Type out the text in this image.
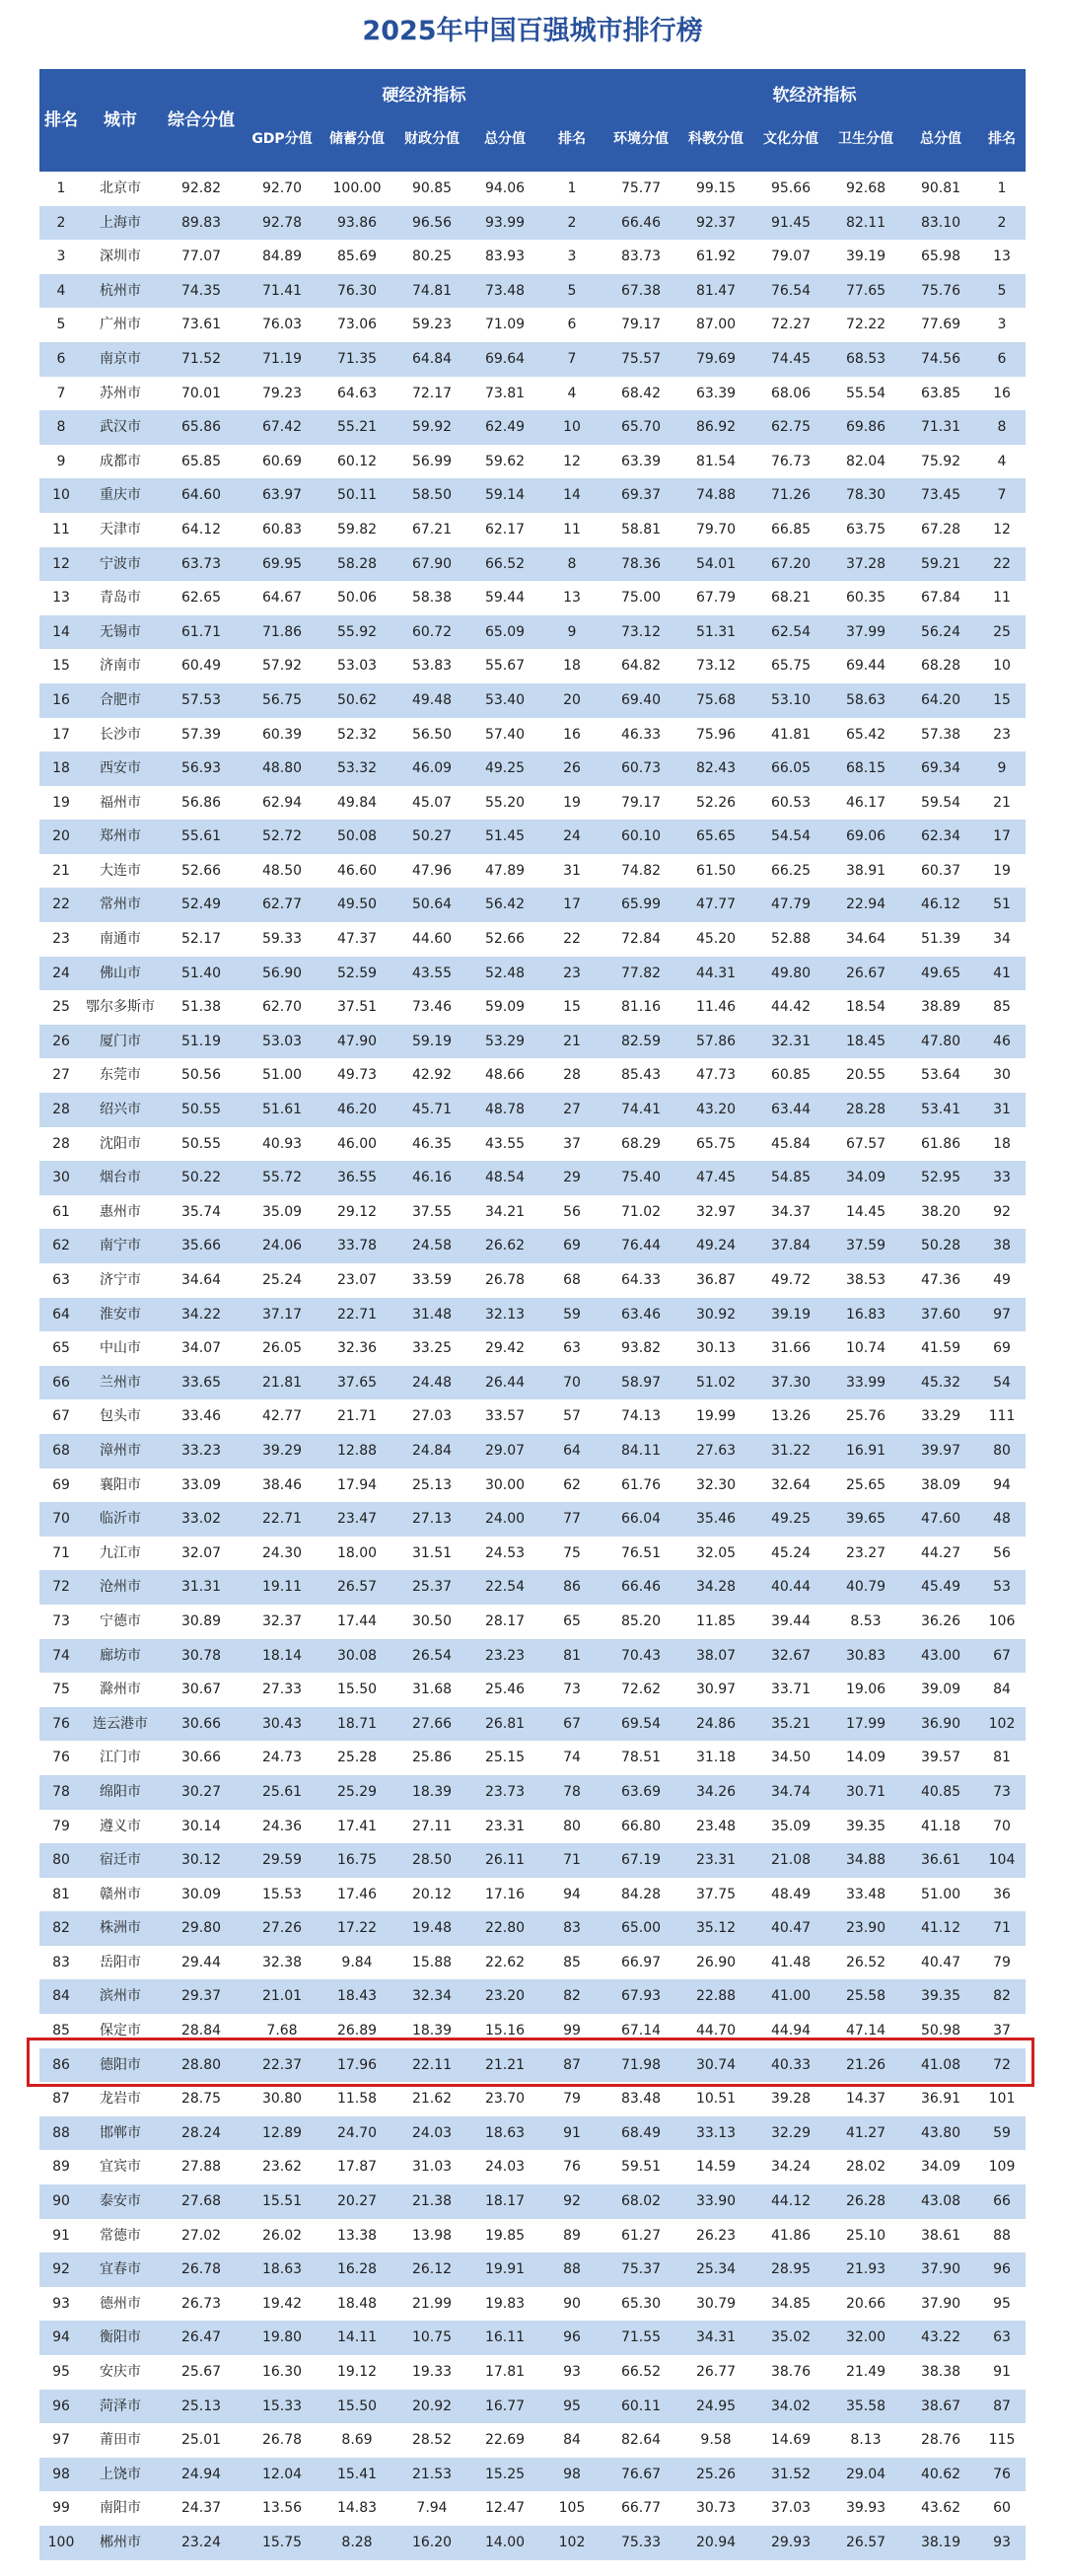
2025年中国百强城市排行榜
排名	城市	综合分值
硬经济指标	软经济指标
GDP分值	储蓄分值	财政分值	总分值	排名	环境分值	科教分值	文化分值	卫生分值	总分值	排名
1	北京市	92.82	92.70	100.00	90.85	94.06	1	75.77	99.15	95.66	92.68	90.81	1
2	上海市	89.83	92.78	93.86	96.56	93.99	2	66.46	92.37	91.45	82.11	83.10	2
3	深圳市	77.07	84.89	85.69	80.25	83.93	3	83.73	61.92	79.07	39.19	65.98	13
4	杭州市	74.35	71.41	76.30	74.81	73.48	5	67.38	81.47	76.54	77.65	75.76	5
5	广州市	73.61	76.03	73.06	59.23	71.09	6	79.17	87.00	72.27	72.22	77.69	3
6	南京市	71.52	71.19	71.35	64.84	69.64	7	75.57	79.69	74.45	68.53	74.56	6
7	苏州市	70.01	79.23	64.63	72.17	73.81	4	68.42	63.39	68.06	55.54	63.85	16
8	武汉市	65.86	67.42	55.21	59.92	62.49	10	65.70	86.92	62.75	69.86	71.31	8
9	成都市	65.85	60.69	60.12	56.99	59.62	12	63.39	81.54	76.73	82.04	75.92	4
10	重庆市	64.60	63.97	50.11	58.50	59.14	14	69.37	74.88	71.26	78.30	73.45	7
11	天津市	64.12	60.83	59.82	67.21	62.17	11	58.81	79.70	66.85	63.75	67.28	12
12	宁波市	63.73	69.95	58.28	67.90	66.52	8	78.36	54.01	67.20	37.28	59.21	22
13	青岛市	62.65	64.67	50.06	58.38	59.44	13	75.00	67.79	68.21	60.35	67.84	11
14	无锡市	61.71	71.86	55.92	60.72	65.09	9	73.12	51.31	62.54	37.99	56.24	25
15	济南市	60.49	57.92	53.03	53.83	55.67	18	64.82	73.12	65.75	69.44	68.28	10
16	合肥市	57.53	56.75	50.62	49.48	53.40	20	69.40	75.68	53.10	58.63	64.20	15
17	长沙市	57.39	60.39	52.32	56.50	57.40	16	46.33	75.96	41.81	65.42	57.38	23
18	西安市	56.93	48.80	53.32	46.09	49.25	26	60.73	82.43	66.05	68.15	69.34	9
19	福州市	56.86	62.94	49.84	45.07	55.20	19	79.17	52.26	60.53	46.17	59.54	21
20	郑州市	55.61	52.72	50.08	50.27	51.45	24	60.10	65.65	54.54	69.06	62.34	17
21	大连市	52.66	48.50	46.60	47.96	47.89	31	74.82	61.50	66.25	38.91	60.37	19
22	常州市	52.49	62.77	49.50	50.64	56.42	17	65.99	47.77	47.79	22.94	46.12	51
23	南通市	52.17	59.33	47.37	44.60	52.66	22	72.84	45.20	52.88	34.64	51.39	34
24	佛山市	51.40	56.90	52.59	43.55	52.48	23	77.82	44.31	49.80	26.67	49.65	41
25	鄂尔多斯市	51.38	62.70	37.51	73.46	59.09	15	81.16	11.46	44.42	18.54	38.89	85
26	厦门市	51.19	53.03	47.90	59.19	53.29	21	82.59	57.86	32.31	18.45	47.80	46
27	东莞市	50.56	51.00	49.73	42.92	48.66	28	85.43	47.73	60.85	20.55	53.64	30
28	绍兴市	50.55	51.61	46.20	45.71	48.78	27	74.41	43.20	63.44	28.28	53.41	31
28	沈阳市	50.55	40.93	46.00	46.35	43.55	37	68.29	65.75	45.84	67.57	61.86	18
30	烟台市	50.22	55.72	36.55	46.16	48.54	29	75.40	47.45	54.85	34.09	52.95	33
61	惠州市	35.74	35.09	29.12	37.55	34.21	56	71.02	32.97	34.37	14.45	38.20	92
62	南宁市	35.66	24.06	33.78	24.58	26.62	69	76.44	49.24	37.84	37.59	50.28	38
63	济宁市	34.64	25.24	23.07	33.59	26.78	68	64.33	36.87	49.72	38.53	47.36	49
64	淮安市	34.22	37.17	22.71	31.48	32.13	59	63.46	30.92	39.19	16.83	37.60	97
65	中山市	34.07	26.05	32.36	33.25	29.42	63	93.82	30.13	31.66	10.74	41.59	69
66	兰州市	33.65	21.81	37.65	24.48	26.44	70	58.97	51.02	37.30	33.99	45.32	54
67	包头市	33.46	42.77	21.71	27.03	33.57	57	74.13	19.99	13.26	25.76	33.29	111
68	漳州市	33.23	39.29	12.88	24.84	29.07	64	84.11	27.63	31.22	16.91	39.97	80
69	襄阳市	33.09	38.46	17.94	25.13	30.00	62	61.76	32.30	32.64	25.65	38.09	94
70	临沂市	33.02	22.71	23.47	27.13	24.00	77	66.04	35.46	49.25	39.65	47.60	48
71	九江市	32.07	24.30	18.00	31.51	24.53	75	76.51	32.05	45.24	23.27	44.27	56
72	沧州市	31.31	19.11	26.57	25.37	22.54	86	66.46	34.28	40.44	40.79	45.49	53
73	宁德市	30.89	32.37	17.44	30.50	28.17	65	85.20	11.85	39.44	8.53	36.26	106
74	廊坊市	30.78	18.14	30.08	26.54	23.23	81	70.43	38.07	32.67	30.83	43.00	67
75	滁州市	30.67	27.33	15.50	31.68	25.46	73	72.62	30.97	33.71	19.06	39.09	84
76	连云港市	30.66	30.43	18.71	27.66	26.81	67	69.54	24.86	35.21	17.99	36.90	102
76	江门市	30.66	24.73	25.28	25.86	25.15	74	78.51	31.18	34.50	14.09	39.57	81
78	绵阳市	30.27	25.61	25.29	18.39	23.73	78	63.69	34.26	34.74	30.71	40.85	73
79	遵义市	30.14	24.36	17.41	27.11	23.31	80	66.80	23.48	35.09	39.35	41.18	70
80	宿迁市	30.12	29.59	16.75	28.50	26.11	71	67.19	23.31	21.08	34.88	36.61	104
81	赣州市	30.09	15.53	17.46	20.12	17.16	94	84.28	37.75	48.49	33.48	51.00	36
82	株洲市	29.80	27.26	17.22	19.48	22.80	83	65.00	35.12	40.47	23.90	41.12	71
83	岳阳市	29.44	32.38	9.84	15.88	22.62	85	66.97	26.90	41.48	26.52	40.47	79
84	滨州市	29.37	21.01	18.43	32.34	23.20	82	67.93	22.88	41.00	25.58	39.35	82
85	保定市	28.84	7.68	26.89	18.39	15.16	99	67.14	44.70	44.94	47.14	50.98	37
86	德阳市	28.80	22.37	17.96	22.11	21.21	87	71.98	30.74	40.33	21.26	41.08	72
87	龙岩市	28.75	30.80	11.58	21.62	23.70	79	83.48	10.51	39.28	14.37	36.91	101
88	邯郸市	28.24	12.89	24.70	24.03	18.63	91	68.49	33.13	32.29	41.27	43.80	59
89	宜宾市	27.88	23.62	17.87	31.03	24.03	76	59.51	14.59	34.24	28.02	34.09	109
90	泰安市	27.68	15.51	20.27	21.38	18.17	92	68.02	33.90	44.12	26.28	43.08	66
91	常德市	27.02	26.02	13.38	13.98	19.85	89	61.27	26.23	41.86	25.10	38.61	88
92	宜春市	26.78	18.63	16.28	26.12	19.91	88	75.37	25.34	28.95	21.93	37.90	96
93	德州市	26.73	19.42	18.48	21.99	19.83	90	65.30	30.79	34.85	20.66	37.90	95
94	衡阳市	26.47	19.80	14.11	10.75	16.11	96	71.55	34.31	35.02	32.00	43.22	63
95	安庆市	25.67	16.30	19.12	19.33	17.81	93	66.52	26.77	38.76	21.49	38.38	91
96	菏泽市	25.13	15.33	15.50	20.92	16.77	95	60.11	24.95	34.02	35.58	38.67	87
97	莆田市	25.01	26.78	8.69	28.52	22.69	84	82.64	9.58	14.69	8.13	28.76	115
98	上饶市	24.94	12.04	15.41	21.53	15.25	98	76.67	25.26	31.52	29.04	40.62	76
99	南阳市	24.37	13.56	14.83	7.94	12.47	105	66.77	30.73	37.03	39.93	43.62	60
100	郴州市	23.24	15.75	8.28	16.20	14.00	102	75.33	20.94	29.93	26.57	38.19	93
